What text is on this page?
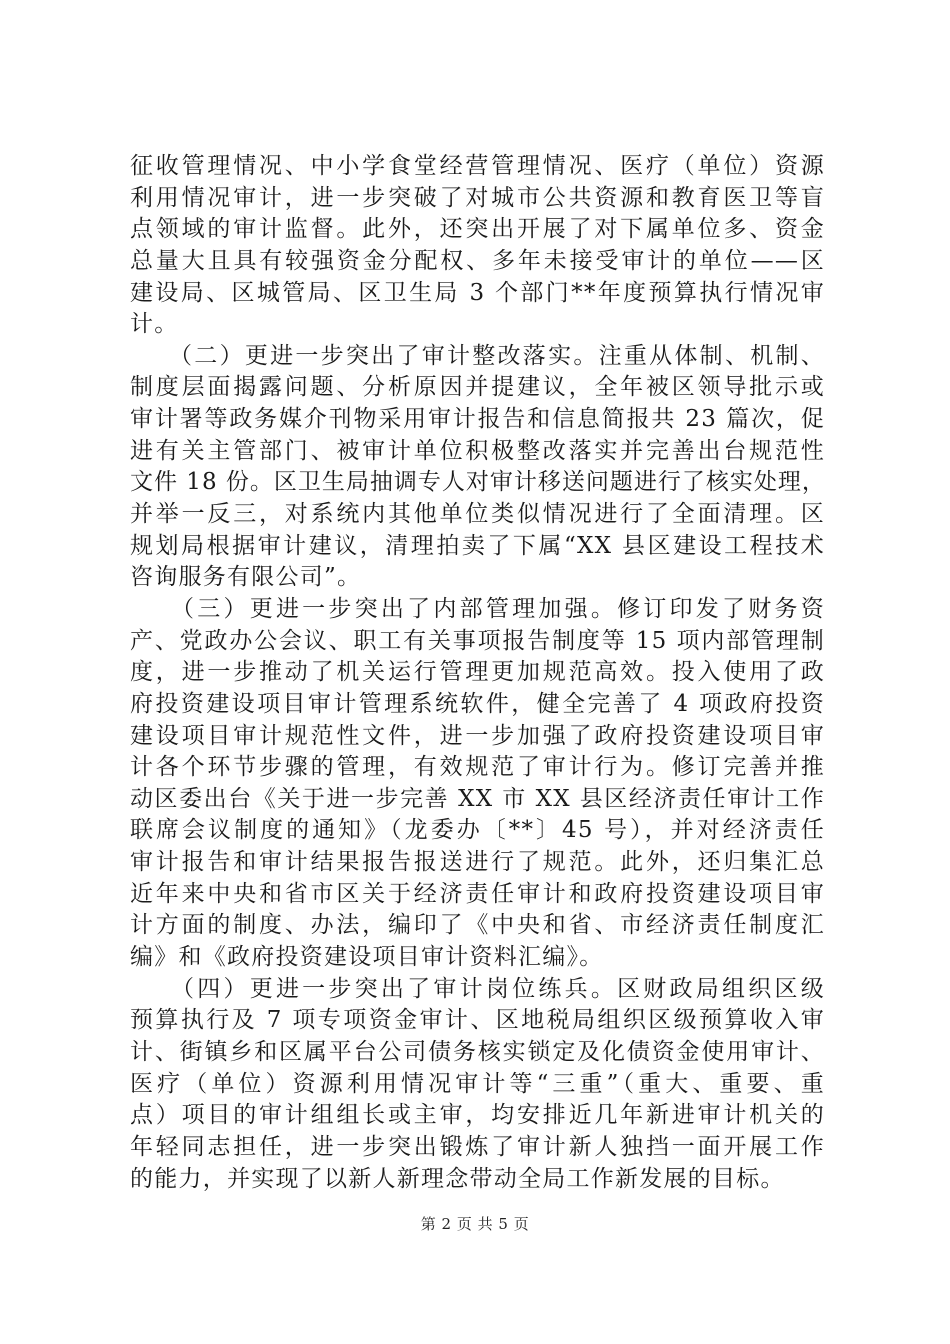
征收管理情况、中小学食堂经营管理情况、医疗（单位）资源
利用情况审计，进一步突破了对城市公共资源和教育医卫等盲
点领域的审计监督。此外，还突出开展了对下属单位多、资金
总量大且具有较强资金分配权、多年未接受审计的单位——区
建设局、区城管局、区卫生局 3 个部门**年度预算执行情况审
计。
　　（二）更进一步突出了审计整改落实。注重从体制、机制、
制度层面揭露问题、分析原因并提建议，全年被区领导批示或
审计署等政务媒介刊物采用审计报告和信息简报共 23 篇次，促
进有关主管部门、被审计单位积极整改落实并完善出台规范性
文件 18 份。区卫生局抽调专人对审计移送问题进行了核实处理，
并举一反三，对系统内其他单位类似情况进行了全面清理。区
规划局根据审计建议，清理拍卖了下属“XX 县区建设工程技术
咨询服务有限公司”。
　　（三）更进一步突出了内部管理加强。修订印发了财务资
产、党政办公会议、职工有关事项报告制度等 15 项内部管理制
度，进一步推动了机关运行管理更加规范高效。投入使用了政
府投资建设项目审计管理系统软件，健全完善了 4 项政府投资
建设项目审计规范性文件，进一步加强了政府投资建设项目审
计各个环节步骤的管理，有效规范了审计行为。修订完善并推
动区委出台《关于进一步完善 XX 市 XX 县区经济责任审计工作
联席会议制度的通知》（龙委办〔**〕45 号），并对经济责任
审计报告和审计结果报告报送进行了规范。此外，还归集汇总
近年来中央和省市区关于经济责任审计和政府投资建设项目审
计方面的制度、办法，编印了《中央和省、市经济责任制度汇
编》和《政府投资建设项目审计资料汇编》。
　　（四）更进一步突出了审计岗位练兵。区财政局组织区级
预算执行及 7 项专项资金审计、区地税局组织区级预算收入审
计、街镇乡和区属平台公司债务核实锁定及化债资金使用审计、
医疗（单位）资源利用情况审计等“三重”（重大、重要、重
点）项目的审计组组长或主审，均安排近几年新进审计机关的
年轻同志担任，进一步突出锻炼了审计新人独挡一面开展工作
的能力，并实现了以新人新理念带动全局工作新发展的目标。
第 2 页 共 5 页
